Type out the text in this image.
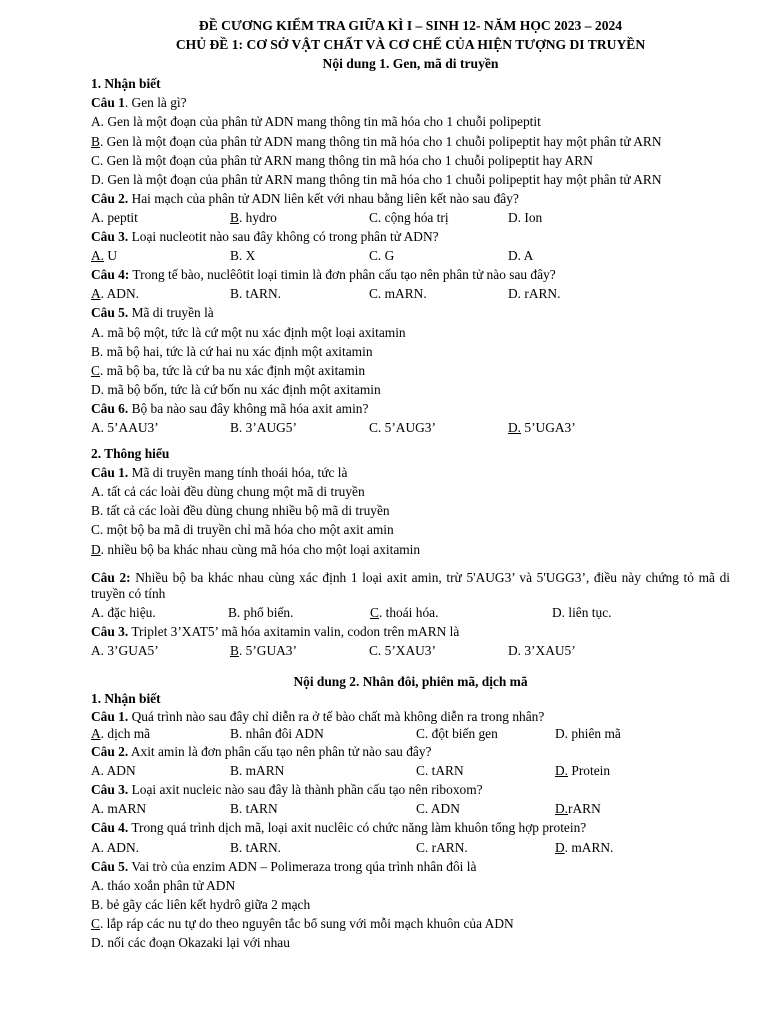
ĐỀ CƯƠNG KIỂM TRA GIỮA KÌ I – SINH 12- NĂM HỌC 2023 – 2024
CHỦ ĐỀ 1: CƠ SỞ VẬT CHẤT VÀ CƠ CHẾ CỦA HIỆN TƯỢNG DI TRUYỀN
Nội dung 1. Gen, mã di truyền
1. Nhận biết
Câu 1. Gen là gì?
A. Gen là một đoạn của phân tử ADN mang thông tin mã hóa cho 1 chuỗi polipeptit
B. Gen là một đoạn của phân tử ADN mang thông tin mã hóa cho 1 chuỗi polipeptit hay một phân tử ARN
C. Gen là một đoạn của phân tử ARN mang thông tin mã hóa cho 1 chuỗi polipeptit hay ARN
D. Gen là một đoạn của phân tử ARN mang thông tin mã hóa cho 1 chuỗi polipeptit hay một phân tử ARN
Câu 2. Hai mạch của phân tử ADN liên kết với nhau bằng liên kết nào sau đây?
A. peptit	B. hydro	C. cộng hóa trị	D. Ion
Câu 3. Loại nucleotit nào sau đây không có trong phân tử ADN?
A. U	B. X	C. G	D. A
Câu 4: Trong tế bào, nuclêôtit loại timin là đơn phân cấu tạo nên phân tử nào sau đây?
A. ADN.	B. tARN.	C. mARN.	D. rARN.
Câu 5. Mã di truyền là
A. mã bộ một, tức là cứ một nu xác định một loại axitamin
B. mã bộ hai, tức là cứ hai nu xác định một axitamin
C. mã bộ ba, tức là cứ ba nu xác định một axitamin
D. mã bộ bốn, tức là cứ bốn nu xác định một axitamin
Câu 6. Bộ ba nào sau đây không mã hóa axit amin?
A. 5’AAU3’	B. 3’AUG5’	C. 5’AUG3’	D. 5’UGA3’
2. Thông hiểu
Câu 1. Mã di truyền mang tính thoái hóa, tức là
A. tất cả các loài đều dùng chung một mã di truyền
B. tất cả các loài đều dùng chung nhiều bộ mã di truyền
C. một bộ ba mã di truyền chỉ mã hóa cho một axit amin
D. nhiều bộ ba khác nhau cùng mã hóa cho một loại axitamin
Câu 2: Nhiều bộ ba khác nhau cùng xác định 1 loại axit amin, trừ 5'AUG3’ và 5'UGG3’, điều này chứng tỏ mã di truyền có tính
A. đặc hiệu.	B. phổ biến.	C. thoái hóa.	D. liên tục.
Câu 3. Triplet 3’XAT5’ mã hóa axitamin valin, codon trên mARN là
A. 3’GUA5’	B. 5’GUA3’	C. 5’XAU3’	D. 3’XAU5’
Nội dung 2. Nhân đôi, phiên mã, dịch mã
1. Nhận biết
Câu 1. Quá trình nào sau đây chỉ diễn ra ở tế bào chất mà không diễn ra trong nhân?
A. dịch mã	B. nhân đôi ADN	C. đột biến gen	D. phiên mã
Câu 2. Axit amin là đơn phân cấu tạo nên phân tử nào sau đây?
A. ADN	B. mARN	C. tARN	D. Protein
Câu 3. Loại axit nucleic nào sau đây là thành phần cấu tạo nên riboxom?
A. mARN	B. tARN	C. ADN	D.rARN
Câu 4. Trong quá trình dịch mã, loại axit nuclêic có chức năng làm khuôn tổng hợp protein?
A. ADN.	B. tARN.	C. rARN.	D. mARN.
Câu 5. Vai trò của enzim ADN – Polimeraza trong qúa trình nhân đôi là
A. tháo xoắn phân tử ADN
B. bẻ gãy các liên kết hydrô giữa 2 mạch
C. lắp ráp các nu tự do theo nguyên tắc bổ sung với mỗi mạch khuôn của ADN
D. nối các đoạn Okazaki lại với nhau
